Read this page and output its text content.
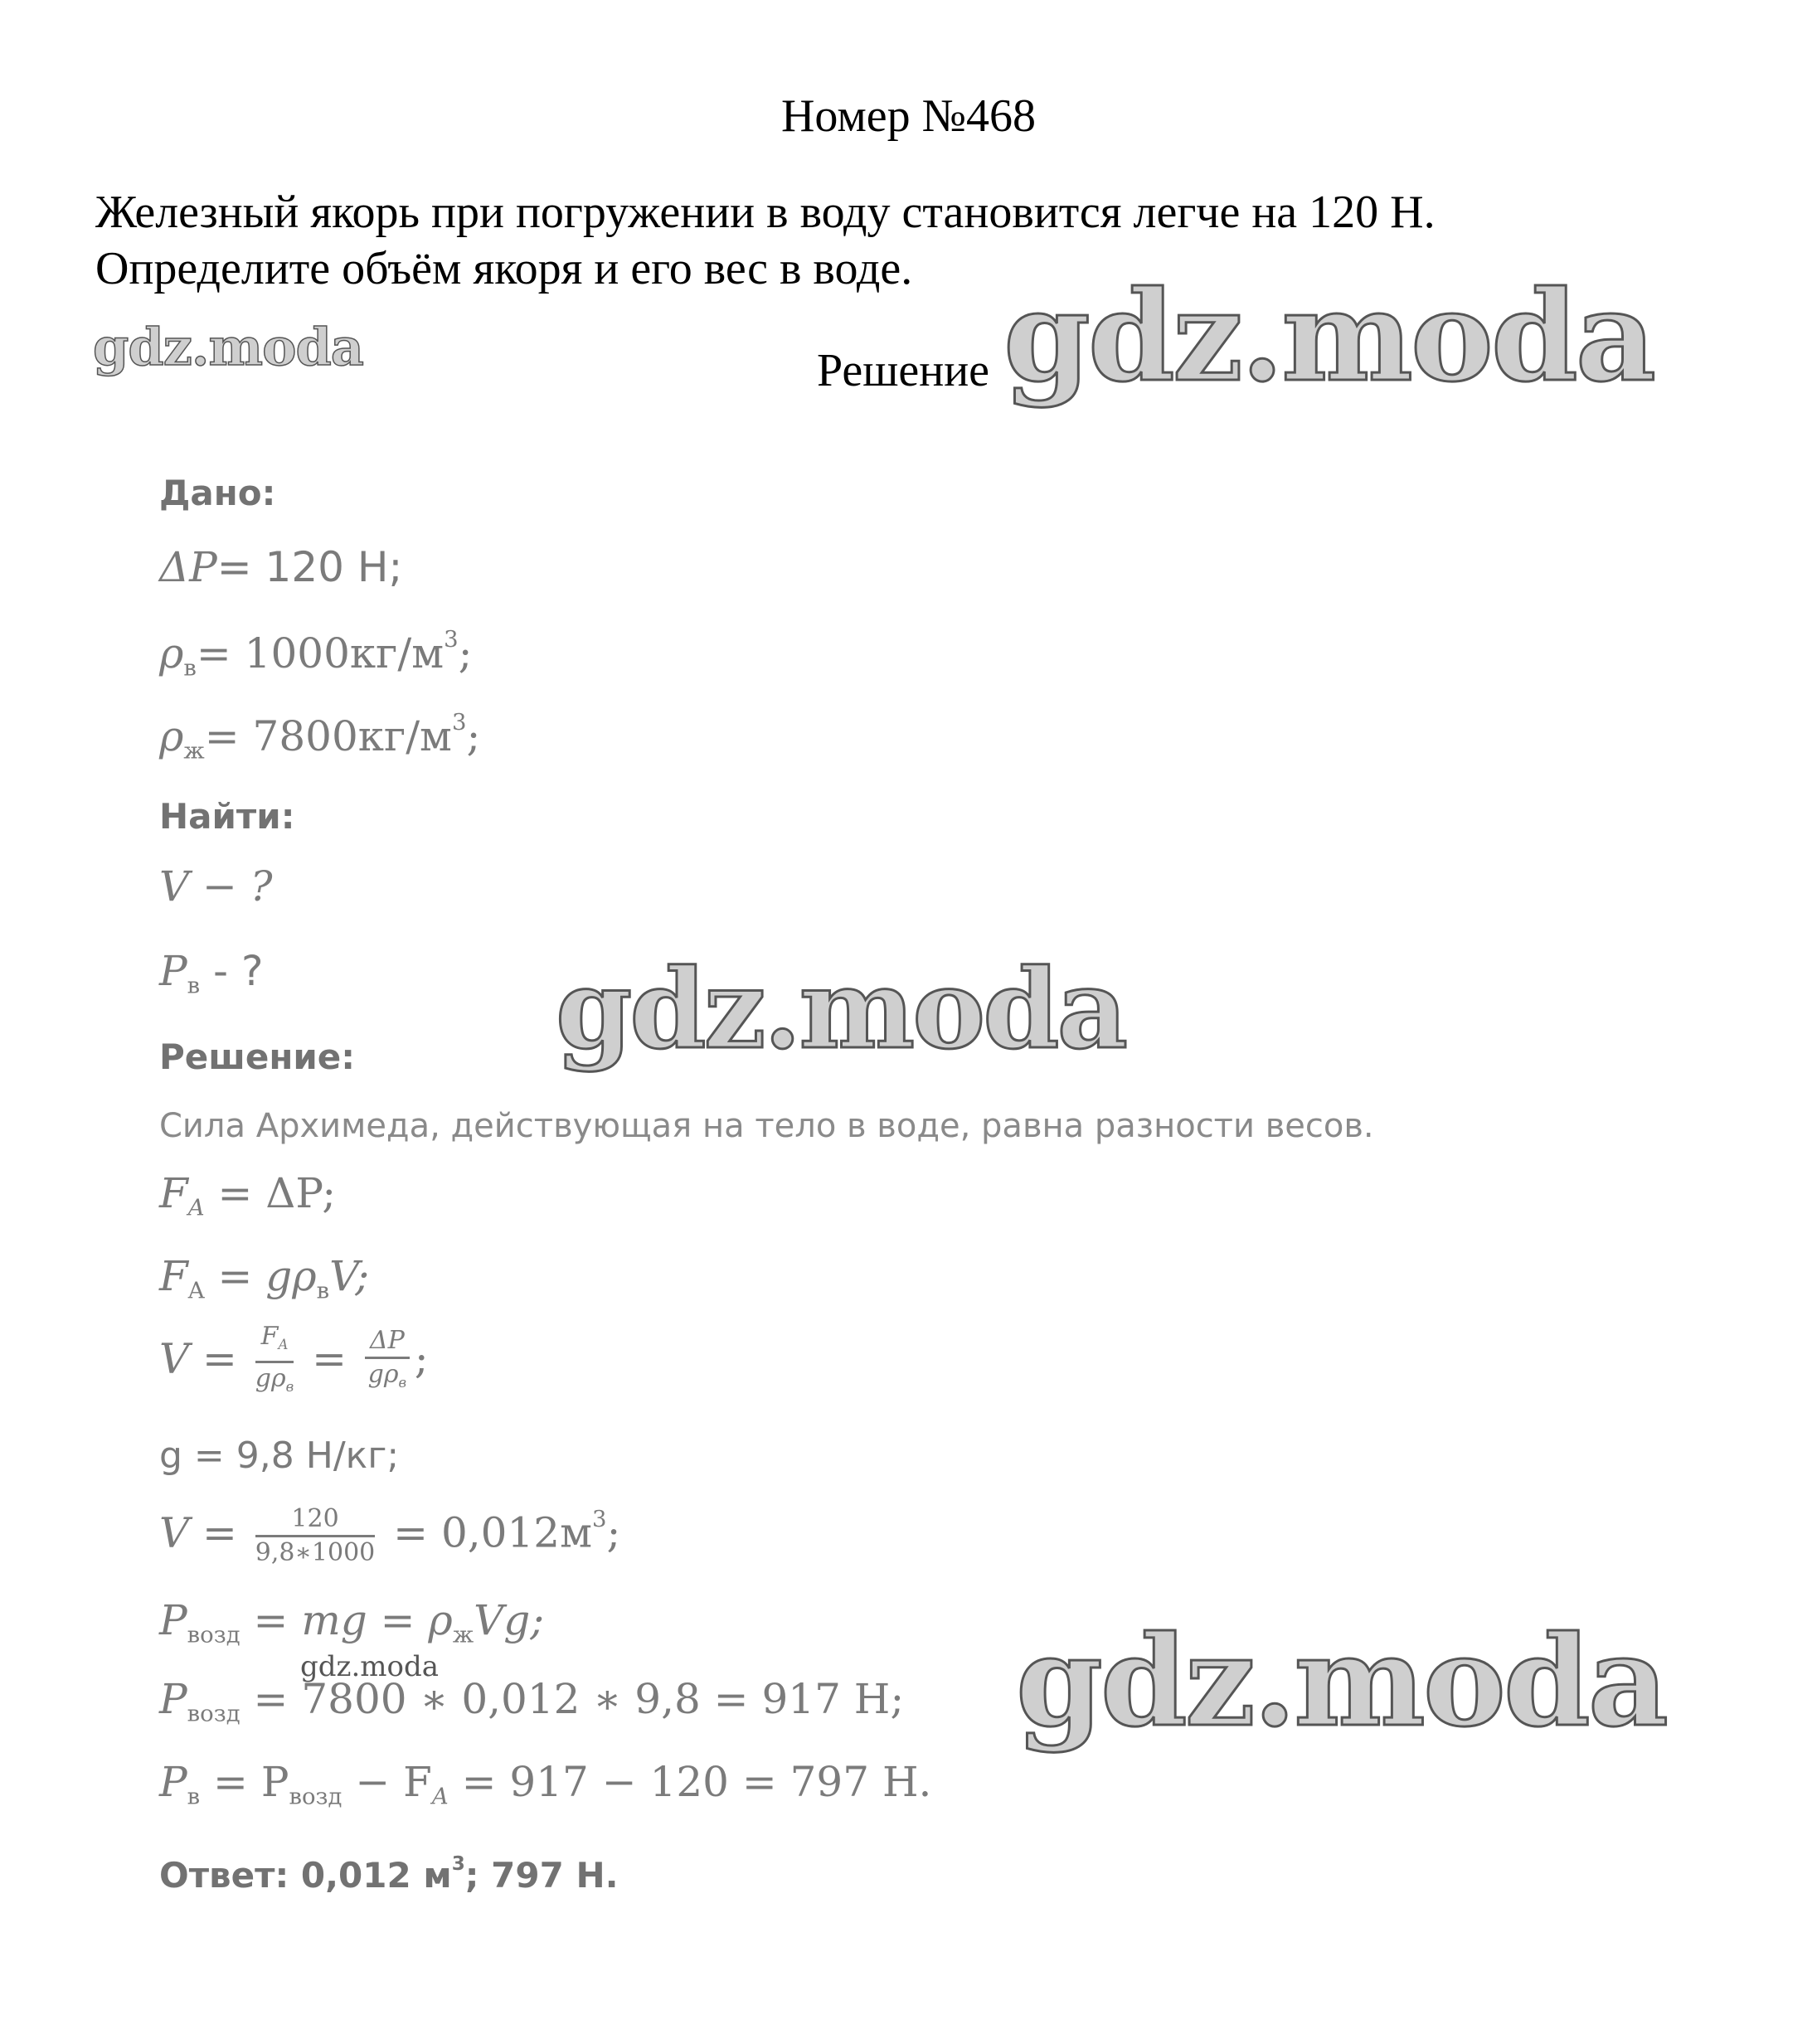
Номер №468
Железный якорь при погружении в воду становится легче на 120 Н.
Определите объём якоря и его вес в воде.
Решение
gdz.moda	gdz.moda
gdz.moda
gdz.moda
gdz.moda
Дано:
ΔP= 120 Н;
$\rho_в= 1000кг/м^3$;
$\rho_ж= 7800кг/м^3$;
Найти:
V − ?
$P_в$ - ?
Решение:
Сила Архимеда, действующая на тело в воде, равна разности весов.
$F_A = \Delta P$;
$F_A = g\rho_вV$;
$V = \frac{F_A}{g\rho_в} = \frac{\Delta P}{g\rho_в}$ ;
g = 9,8 Н/кг;
$V = \frac{120}{9,8∗1000} = 0,012м^3$;
$P_{возд}$ = mg = $\rho_жVg$;
$P_{возд} = 7800$ ∗ 0,012 ∗ 9,8 = 917 Н;
$P_в = P_{возд} - F_A = 917 - 120 = 797$ Н.
Ответ: 0,012 $м^3$; 797 Н.
